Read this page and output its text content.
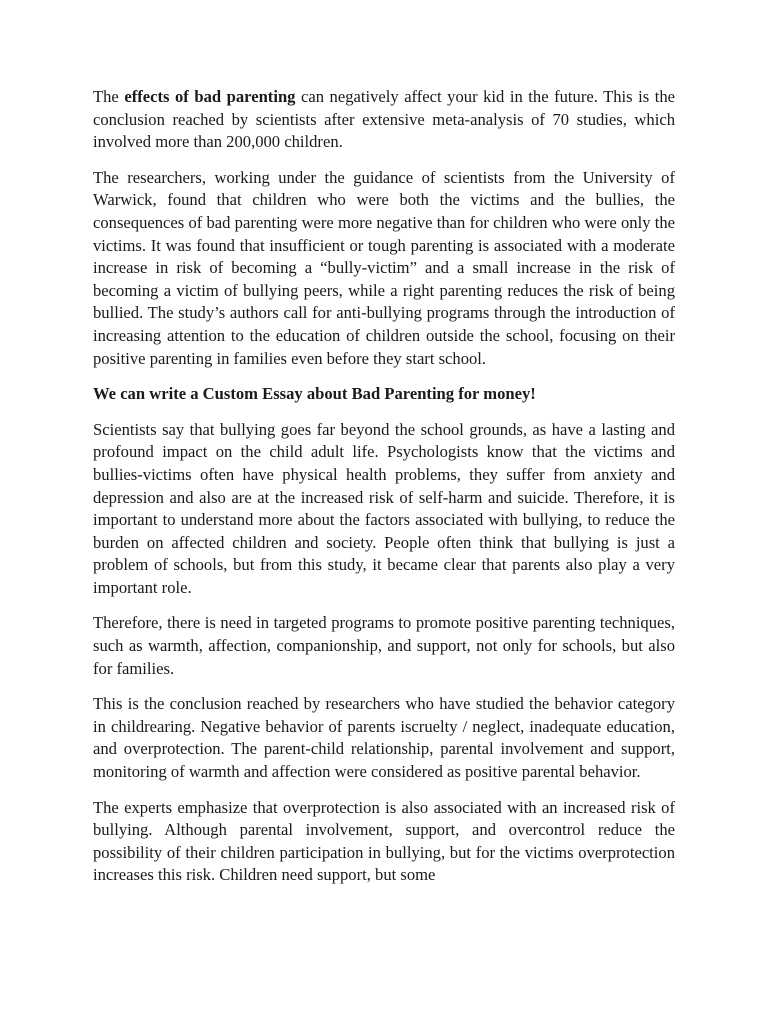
The effects of bad parenting can negatively affect your kid in the future. This is the conclusion reached by scientists after extensive meta-analysis of 70 studies, which involved more than 200,000 children.

The researchers, working under the guidance of scientists from the University of Warwick, found that children who were both the victims and the bullies, the consequences of bad parenting were more negative than for children who were only the victims. It was found that insufficient or tough parenting is associated with a moderate increase in risk of becoming a “bully-victim” and a small increase in the risk of becoming a victim of bullying peers, while a right parenting reduces the risk of being bullied. The study’s authors call for anti-bullying programs through the introduction of increasing attention to the education of children outside the school, focusing on their positive parenting in families even before they start school.

We can write a Custom Essay about Bad Parenting for money!

Scientists say that bullying goes far beyond the school grounds, as have a lasting and profound impact on the child adult life. Psychologists know that the victims and bullies-victims often have physical health problems, they suffer from anxiety and depression and also are at the increased risk of self-harm and suicide. Therefore, it is important to understand more about the factors associated with bullying, to reduce the burden on affected children and society. People often think that bullying is just a problem of schools, but from this study, it became clear that parents also play a very important role.

Therefore, there is need in targeted programs to promote positive parenting techniques, such as warmth, affection, companionship, and support, not only for schools, but also for families.

This is the conclusion reached by researchers who have studied the behavior category in childrearing. Negative behavior of parents iscruelty / neglect, inadequate education, and overprotection. The parent-child relationship, parental involvement and support, monitoring of warmth and affection were considered as positive parental behavior.

The experts emphasize that overprotection is also associated with an increased risk of bullying. Although parental involvement, support, and overcontrol reduce the possibility of their children participation in bullying, but for the victims overprotection increases this risk. Children need support, but some
